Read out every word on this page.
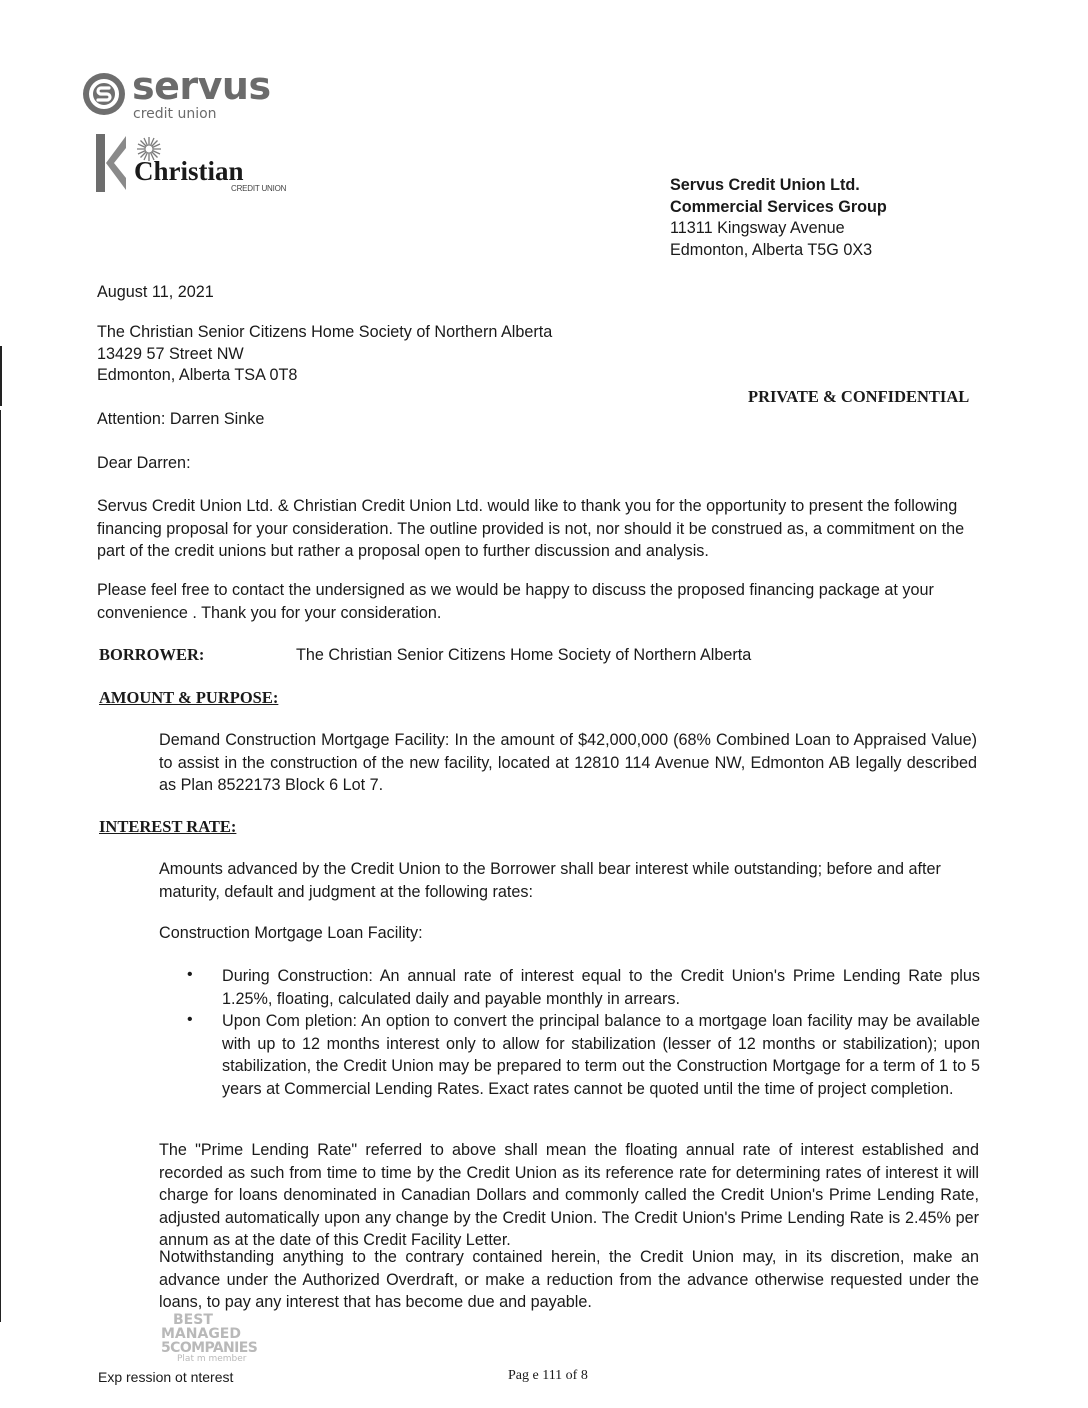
servus
credit union
Christian
CREDIT UNION	Servus Credit Union Ltd.
Commercial Services Group
11311 Kingsway Avenue
Edmonton, Alberta T5G 0X3
August 11, 2021
The Christian Senior Citizens Home Society of Northern Alberta
13429 57 Street NW
Edmonton, Alberta TSA 0T8
PRIVATE & CONFIDENTIAL
Attention: Darren Sinke
Dear Darren:
Servus Credit Union Ltd. & Christian Credit Union Ltd. would like to thank you for the opportunity to present the following financing proposal for your consideration. The outline provided is not, nor should it be construed as, a commitment on the part of the credit unions but rather a proposal open to further discussion and analysis.
Please feel free to contact the undersigned as we would be happy to discuss the proposed financing package at your convenience . Thank you for your consideration.
BORROWER:	The Christian Senior Citizens Home Society of Northern Alberta
AMOUNT & PURPOSE:
Demand Construction Mortgage Facility: In the amount of $42,000,000 (68% Combined Loan to Appraised Value) to assist in the construction of the new facility, located at 12810 114 Avenue NW, Edmonton AB legally described as Plan 8522173 Block 6 Lot 7.
INTEREST RATE:
Amounts advanced by the Credit Union to the Borrower shall bear interest while outstanding; before and after maturity, default and judgment at the following rates:
Construction Mortgage Loan Facility:
• During Construction: An annual rate of interest equal to the Credit Union's Prime Lending Rate plus 1.25%, floating, calculated daily and payable monthly in arrears.
• Upon Com pletion: An option to convert the principal balance to a mortgage loan facility may be available with up to 12 months interest only to allow for stabilization (lesser of 12 months or stabilization); upon stabilization, the Credit Union may be prepared to term out the Construction Mortgage for a term of 1 to 5 years at Commercial Lending Rates. Exact rates cannot be quoted until the time of project completion.
The "Prime Lending Rate" referred to above shall mean the floating annual rate of interest established and recorded as such from time to time by the Credit Union as its reference rate for determining rates of interest it will charge for loans denominated in Canadian Dollars and commonly called the Credit Union's Prime Lending Rate, adjusted automatically upon any change by the Credit Union. The Credit Union's Prime Lending Rate is 2.45% per annum as at the date of this Credit Facility Letter.
Notwithstanding anything to the contrary contained herein, the Credit Union may, in its discretion, make an advance under the Authorized Overdraft, or make a reduction from the advance otherwise requested under the loans, to pay any interest that has become due and payable.
BEST
MANAGED
5COMPANIES
Plat m member
Exp ression ot nterest	Pag e 111 of 8
